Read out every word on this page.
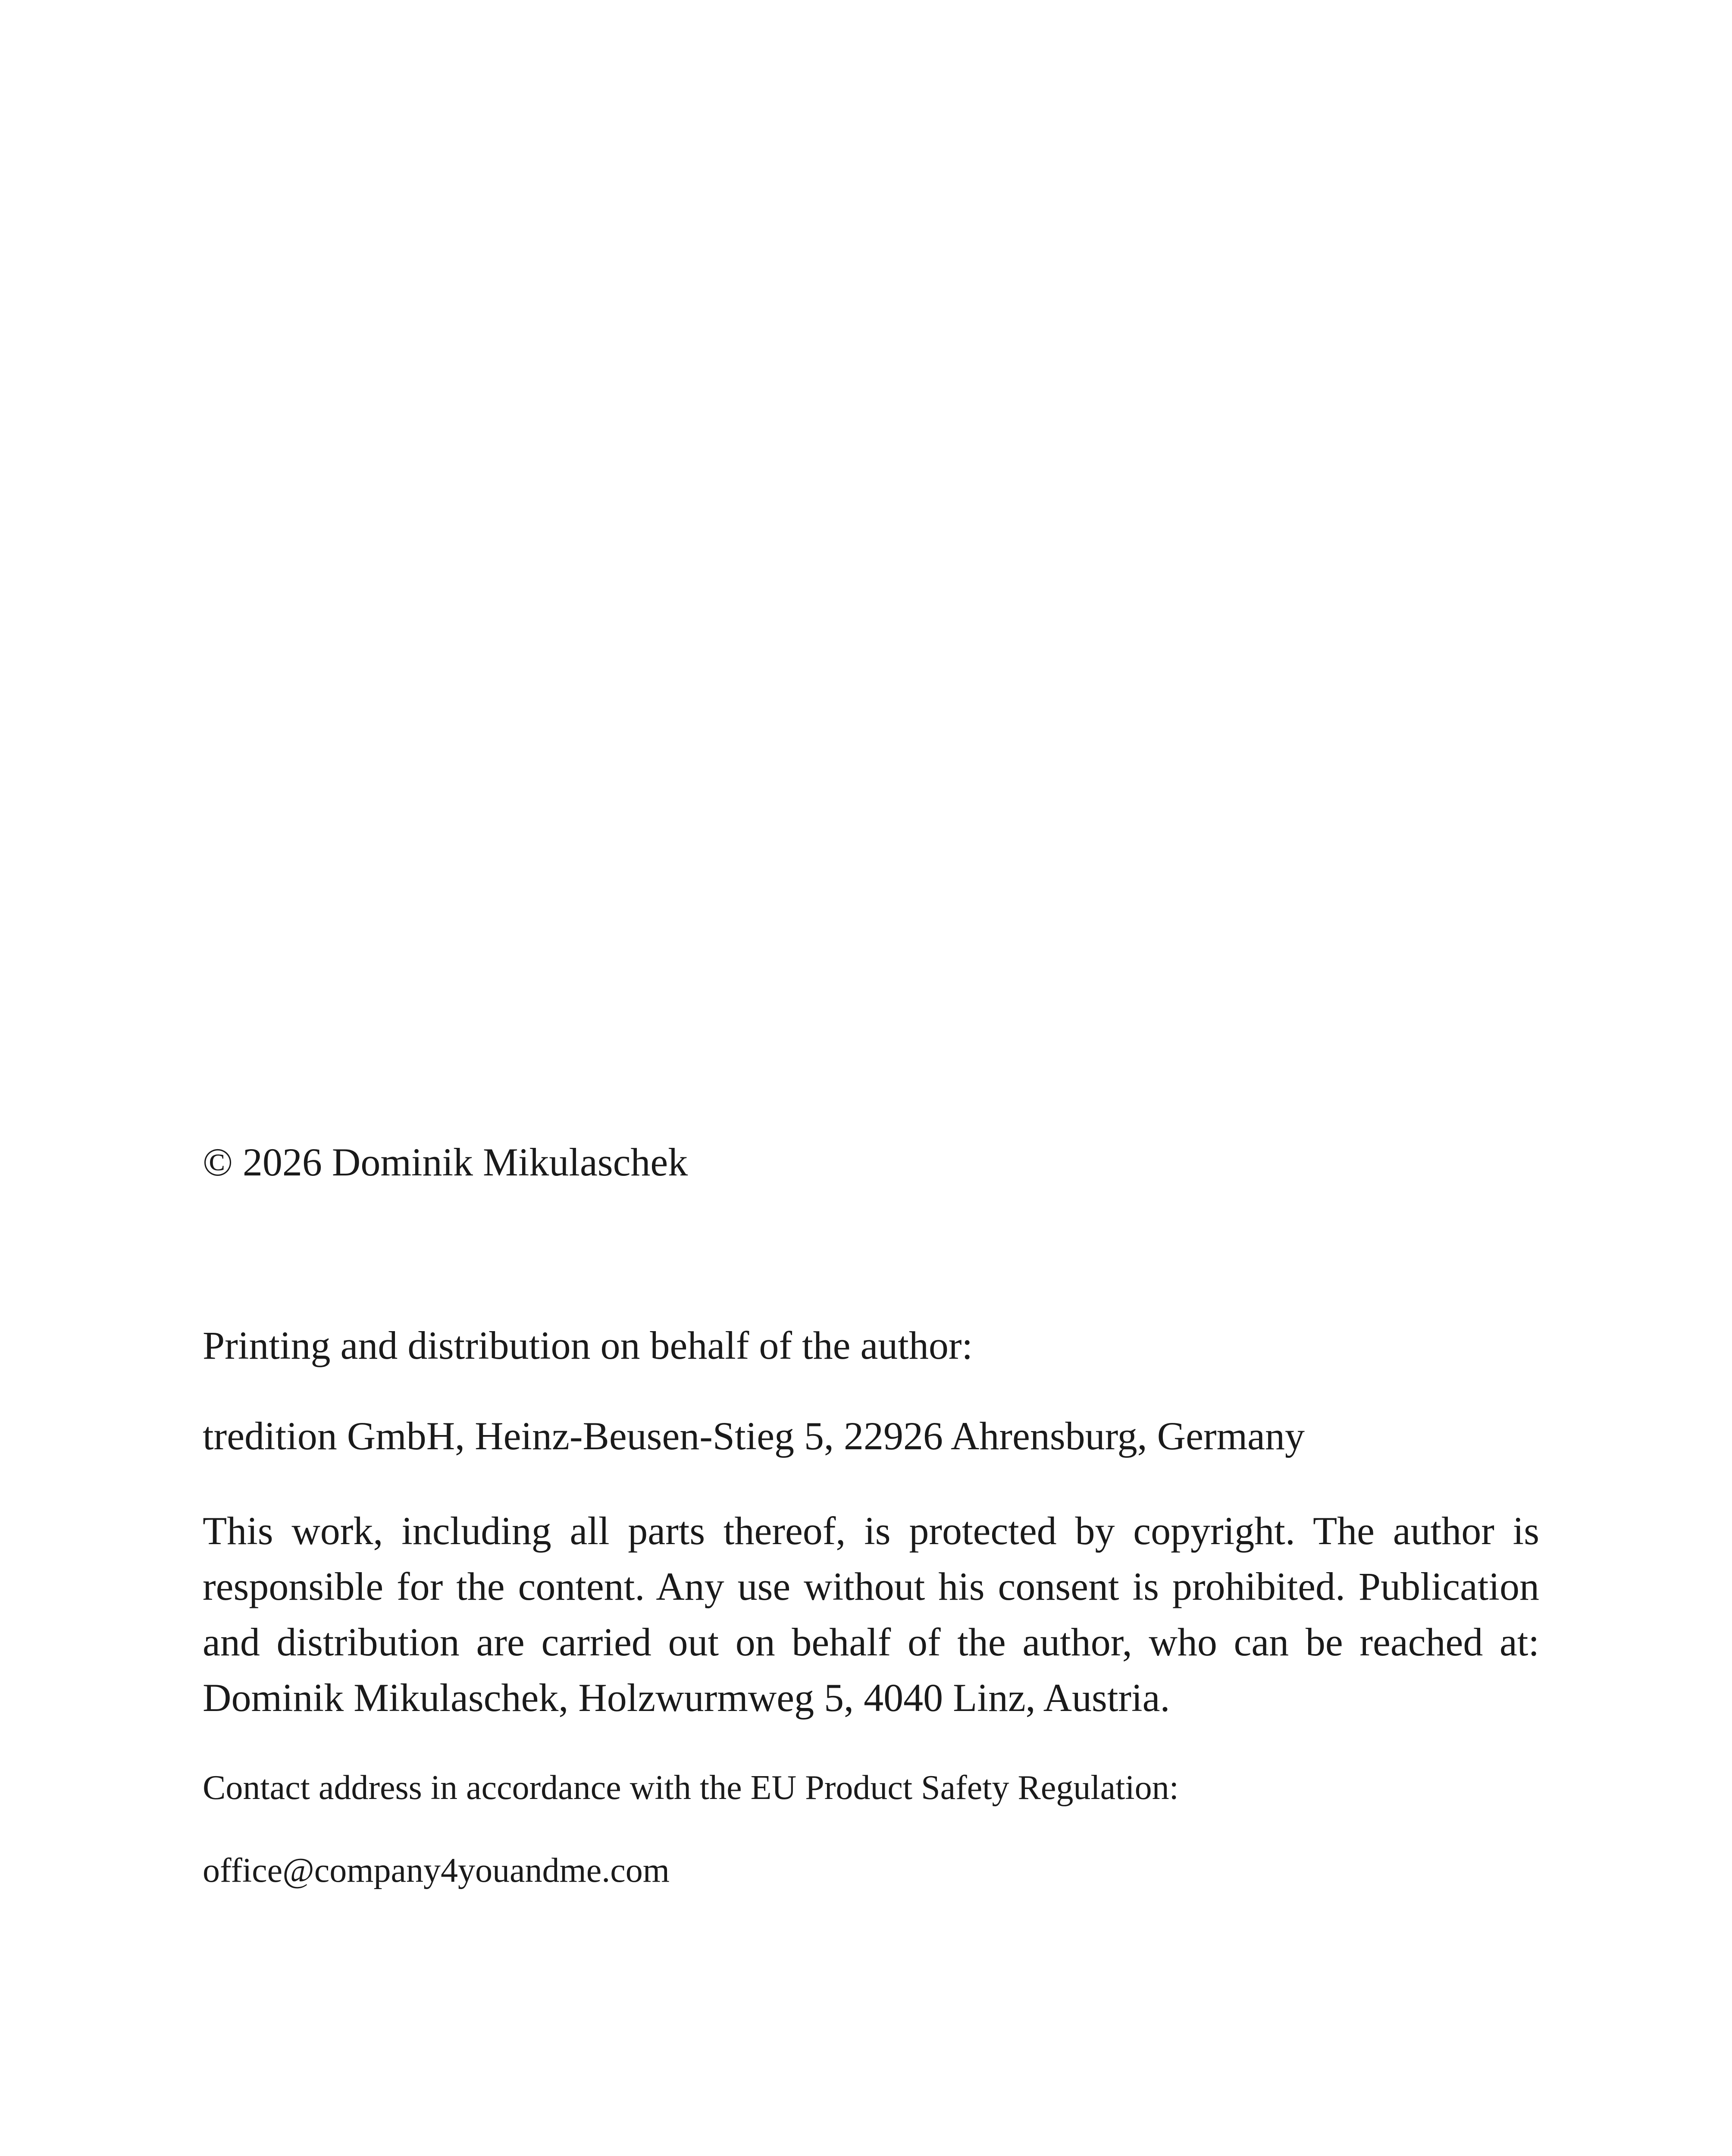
© 2026 Dominik Mikulaschek

Printing and distribution on behalf of the author:

tredition GmbH, Heinz-Beusen-Stieg 5, 22926 Ahrensburg, Germany

This work, including all parts thereof, is protected by copyright. The author is responsible for the content. Any use without his consent is prohibited. Publication and distribution are carried out on behalf of the author, who can be reached at: Dominik Mikulaschek, Holzwurmweg 5, 4040 Linz, Austria.

Contact address in accordance with the EU Product Safety Regulation:

office@company4youandme.com
